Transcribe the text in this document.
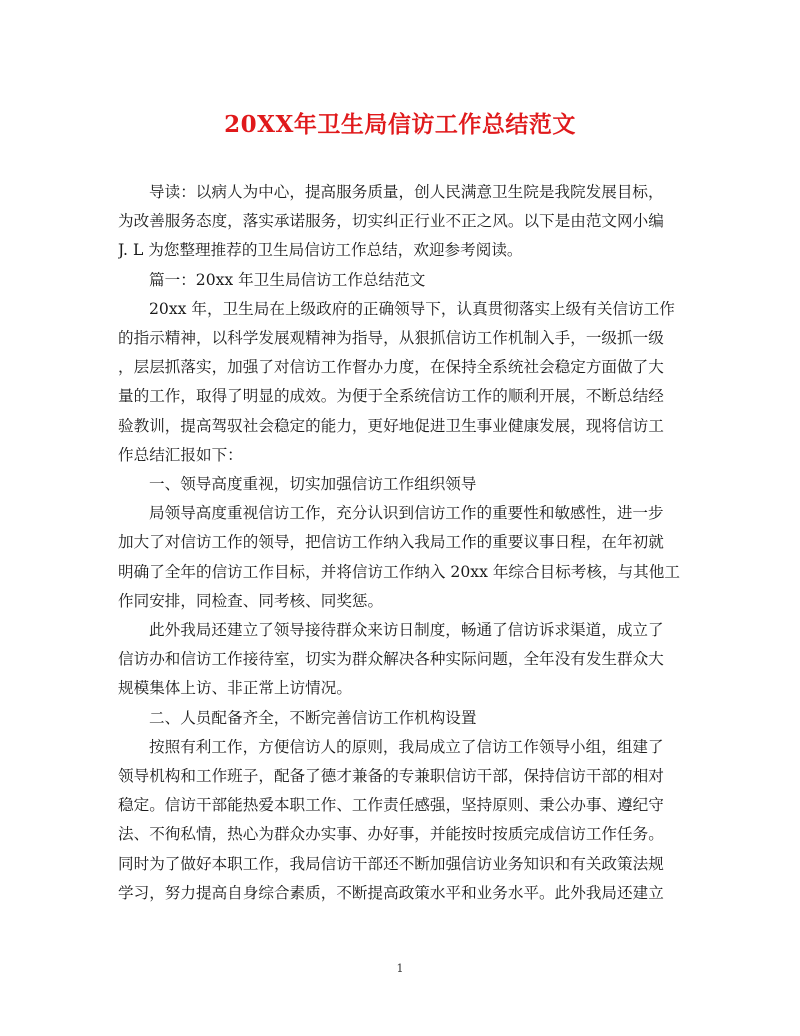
20XX年卫生局信访工作总结范文

导读：以病人为中心，提高服务质量，创人民满意卫生院是我院发展目标，
为改善服务态度，落实承诺服务，切实纠正行业不正之风。以下是由范文网小编
J. L 为您整理推荐的卫生局信访工作总结，欢迎参考阅读。

篇一：20xx 年卫生局信访工作总结范文

20xx 年，卫生局在上级政府的正确领导下，认真贯彻落实上级有关信访工作
的指示精神，以科学发展观精神为指导，从狠抓信访工作机制入手，一级抓一级
，层层抓落实，加强了对信访工作督办力度，在保持全系统社会稳定方面做了大
量的工作，取得了明显的成效。为便于全系统信访工作的顺利开展，不断总结经
验教训，提高驾驭社会稳定的能力，更好地促进卫生事业健康发展，现将信访工
作总结汇报如下：

一、领导高度重视，切实加强信访工作组织领导

局领导高度重视信访工作，充分认识到信访工作的重要性和敏感性，进一步
加大了对信访工作的领导，把信访工作纳入我局工作的重要议事日程，在年初就
明确了全年的信访工作目标，并将信访工作纳入 20xx 年综合目标考核，与其他工
作同安排，同检查、同考核、同奖惩。

此外我局还建立了领导接待群众来访日制度，畅通了信访诉求渠道，成立了
信访办和信访工作接待室，切实为群众解决各种实际问题，全年没有发生群众大
规模集体上访、非正常上访情况。

二、人员配备齐全，不断完善信访工作机构设置

按照有利工作，方便信访人的原则，我局成立了信访工作领导小组，组建了
领导机构和工作班子，配备了德才兼备的专兼职信访干部，保持信访干部的相对
稳定。信访干部能热爱本职工作、工作责任感强，坚持原则、秉公办事、遵纪守
法、不徇私情，热心为群众办实事、办好事，并能按时按质完成信访工作任务。
同时为了做好本职工作，我局信访干部还不断加强信访业务知识和有关政策法规
学习，努力提高自身综合素质，不断提高政策水平和业务水平。此外我局还建立

1
